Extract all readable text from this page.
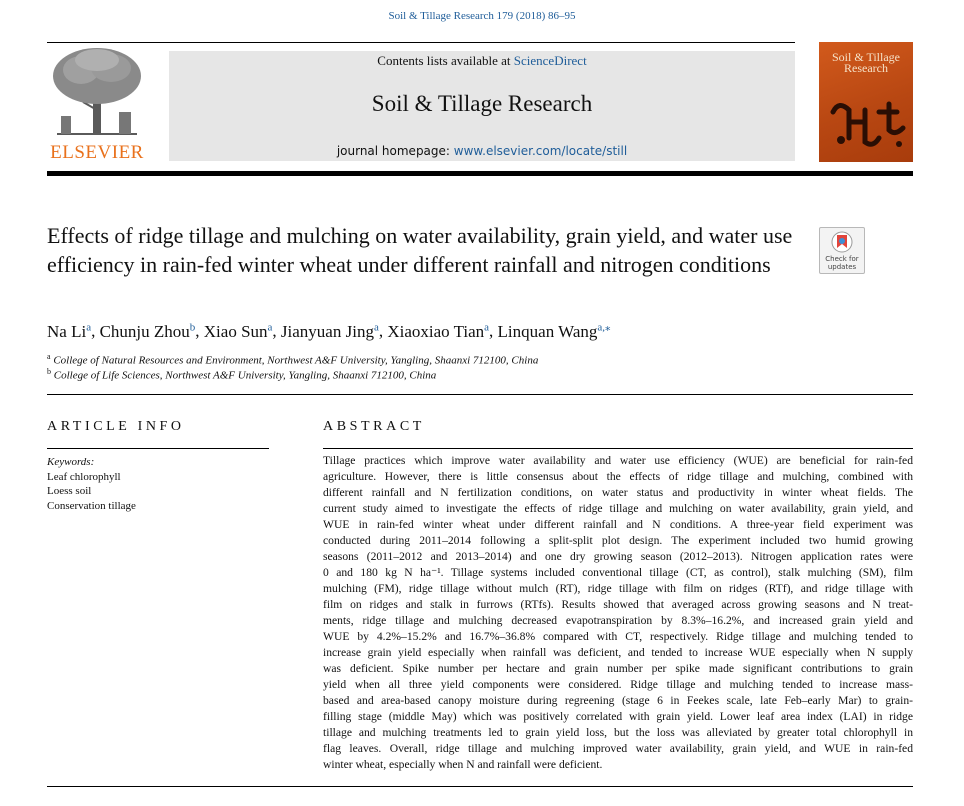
Soil & Tillage Research 179 (2018) 86–95
ELSEVIER
Contents lists available at ScienceDirect
Soil & Tillage Research
journal homepage: www.elsevier.com/locate/still
Soil & Tillage
Research
Effects of ridge tillage and mulching on water availability, grain yield, and water use efficiency in rain-fed winter wheat under different rainfall and nitrogen conditions	Check for
updates
Na Li$^a$, Chunju Zhou$^b$, Xiao Sun$^a$, Jianyuan Jing$^a$, Xiaoxiao Tian$^a$, Linquan Wang$^{a,⁎}$
$^a$ College of Natural Resources and Environment, Northwest A&F University, Yangling, Shaanxi 712100, China
$^b$ College of Life Sciences, Northwest A&F University, Yangling, Shaanxi 712100, China
ARTICLE INFO
Keywords:
Leaf chlorophyll
Loess soil
Conservation tillage
ABSTRACT
Tillage practices which improve water availability and water use efficiency (WUE) are beneficial for rain-fed
agriculture. However, there is little consensus about the effects of ridge tillage and mulching, combined with
different rainfall and N fertilization conditions, on water status and productivity in winter wheat fields. The
current study aimed to investigate the effects of ridge tillage and mulching on water availability, grain yield, and
WUE in rain-fed winter wheat under different rainfall and N conditions. A three-year field experiment was
conducted during 2011–2014 following a split-split plot design. The experiment included two humid growing
seasons (2011–2012 and 2013–2014) and one dry growing season (2012–2013). Nitrogen application rates were
0 and 180 kg N ha⁻¹. Tillage systems included conventional tillage (CT, as control), stalk mulching (SM), film
mulching (FM), ridge tillage without mulch (RT), ridge tillage with film on ridges (RTf), and ridge tillage with
film on ridges and stalk in furrows (RTfs). Results showed that averaged across growing seasons and N treat-
ments, ridge tillage and mulching decreased evapotranspiration by 8.3%–16.2%, and increased grain yield and
WUE by 4.2%–15.2% and 16.7%–36.8% compared with CT, respectively. Ridge tillage and mulching tended to
increase grain yield especially when rainfall was deficient, and tended to increase WUE especially when N supply
was deficient. Spike number per hectare and grain number per spike made significant contributions to grain
yield when all three yield components were considered. Ridge tillage and mulching tended to increase mass-
based and area-based canopy moisture during regreening (stage 6 in Feekes scale, late Feb–early Mar) to grain-
filling stage (middle May) which was positively correlated with grain yield. Lower leaf area index (LAI) in ridge
tillage and mulching treatments led to grain yield loss, but the loss was alleviated by greater total chlorophyll in
flag leaves. Overall, ridge tillage and mulching improved water availability, grain yield, and WUE in rain-fed
winter wheat, especially when N and rainfall were deficient.
